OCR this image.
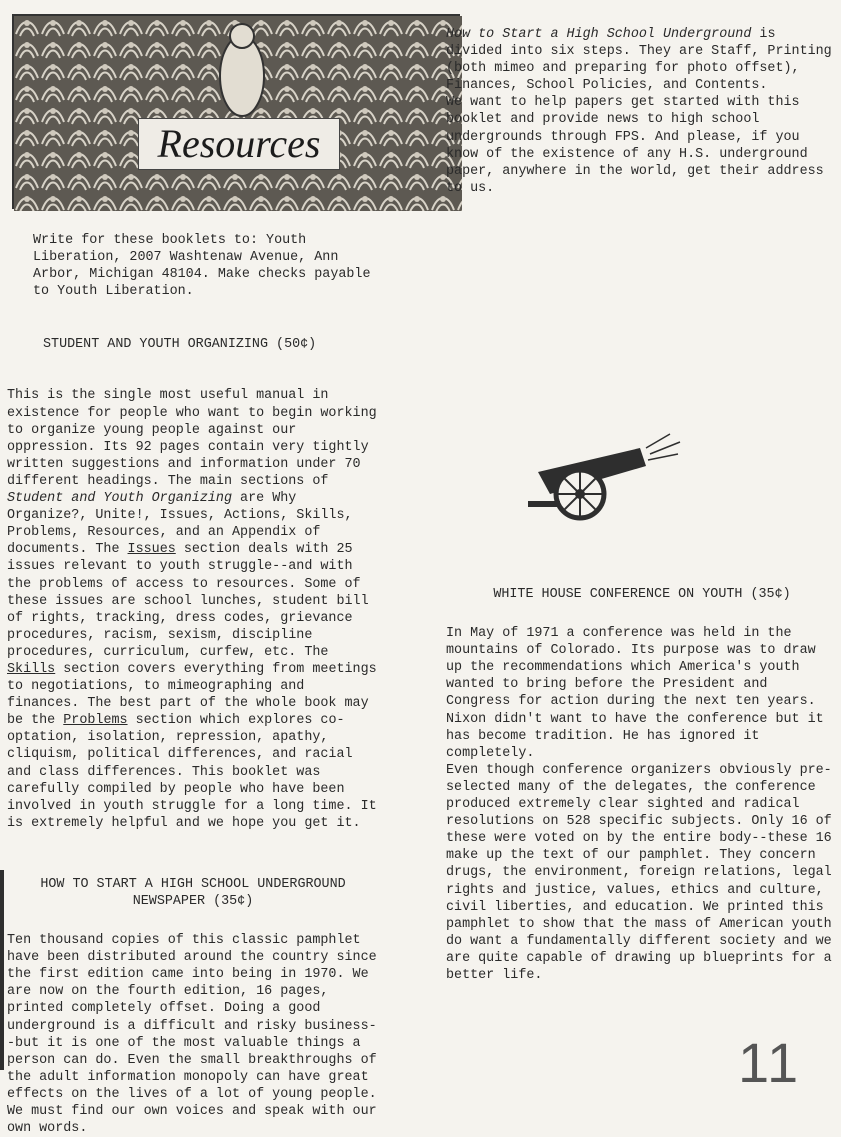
Resources

Write for these booklets to: Youth Liberation, 2007 Washtenaw Avenue, Ann Arbor, Michigan 48104. Make checks payable to Youth Liberation.

STUDENT AND YOUTH ORGANIZING (50¢)

This is the single most useful manual in existence for people who want to begin working to organize young people against our oppression. Its 92 pages contain very tightly written suggestions and information under 70 different headings. The main sections of Student and Youth Organizing are Why Organize?, Unite!, Issues, Actions, Skills, Problems, Resources, and an Appendix of documents. The Issues section deals with 25 issues relevant to youth struggle--and with the problems of access to resources. Some of these issues are school lunches, student bill of rights, tracking, dress codes, grievance procedures, racism, sexism, discipline procedures, curriculum, curfew, etc. The Skills section covers everything from meetings to negotiations, to mimeographing and finances. The best part of the whole book may be the Problems section which explores co-optation, isolation, repression, apathy, cliquism, political differences, and racial and class differences. This booklet was carefully compiled by people who have been involved in youth struggle for a long time. It is extremely helpful and we hope you get it.

HOW TO START A HIGH SCHOOL UNDERGROUND

NEWSPAPER (35¢)

Ten thousand copies of this classic pamphlet have been distributed around the country since the first edition came into being in 1970. We are now on the fourth edition, 16 pages, printed completely offset. Doing a good underground is a difficult and risky business--but it is one of the most valuable things a person can do. Even the small breakthroughs of the adult information monopoly can have great effects on the lives of a lot of young people. We must find our own voices and speak with our own words.

How to Start a High School Underground is divided into six steps. They are Staff, Printing (both mimeo and preparing for photo offset), Finances, School Policies, and Contents.

We want to help papers get started with this booklet and provide news to high school undergrounds through FPS. And please, if you know of the existence of any H.S. underground paper, anywhere in the world, get their address to us.

WHITE HOUSE CONFERENCE ON YOUTH (35¢)

In May of 1971 a conference was held in the mountains of Colorado. Its purpose was to draw up the recommendations which America's youth wanted to bring before the President and Congress for action during the next ten years. Nixon didn't want to have the conference but it has become tradition. He has ignored it completely.

Even though conference organizers obviously pre-selected many of the delegates, the conference produced extremely clear sighted and radical resolutions on 528 specific subjects. Only 16 of these were voted on by the entire body--these 16 make up the text of our pamphlet. They concern drugs, the environment, foreign relations, legal rights and justice, values, ethics and culture, civil liberties, and education. We printed this pamphlet to show that the mass of American youth do want a fundamentally different society and we are quite capable of drawing up blueprints for a better life.

11
